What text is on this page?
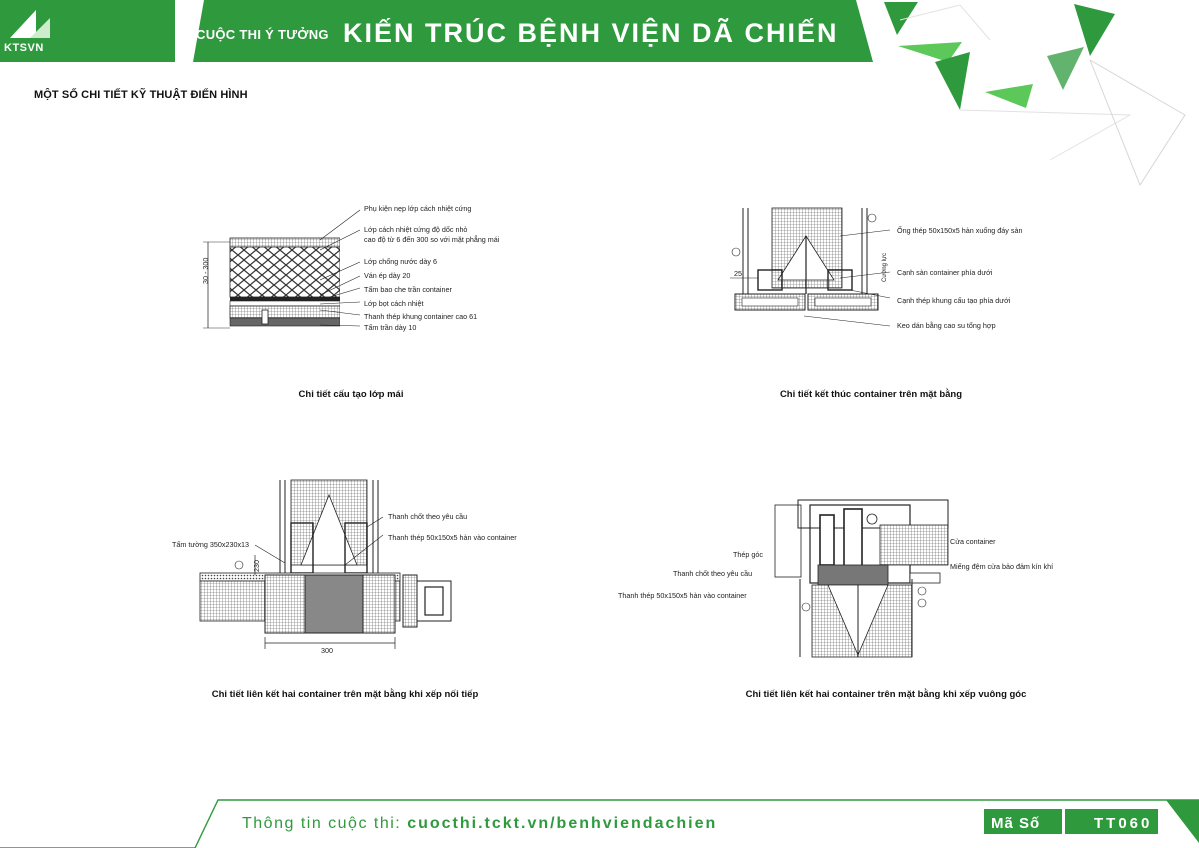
KTSVN
TẠP CHÍ
KIẾN TRÚC
www.tapchikientruc.com.vn
CUỘC THI Ý TƯỞNG KIẾN TRÚC BỆNH VIỆN DÃ CHIẾN
MỘT SỐ CHI TIẾT KỸ THUẬT ĐIỂN HÌNH
30 - 300
Phụ kiện nẹp lớp cách nhiệt cứng
Lớp cách nhiệt cứng độ dốc nhỏ
cao độ từ 6 đến 300 so với mặt phẳng mái
Lớp chống nước dày 6
Ván ép dày 20
Tấm bao che trần container
Lớp bọt cách nhiệt
Thanh thép khung container cao 61
Tấm trần dày 10
Chi tiết cấu tạo lớp mái
25	Cường lực
Ống thép 50x150x5 hàn xuống đáy sàn
Cạnh sàn container phía dưới
Cạnh thép khung cấu tạo phía dưới
Keo dán bằng cao su tổng hợp
Chi tiết kết thúc container trên mặt bằng
Thanh chốt theo yêu cầu
Tấm tường 350x230x13
Thanh thép 50x150x5 hàn vào container
230
300
Chi tiết liên kết hai container trên mặt bằng khi xếp nối tiếp
Cửa container
Thép góc
Miếng đệm cửa bảo đảm kín khí
Thanh chốt theo yêu cầu
Thanh thép 50x150x5 hàn vào container
Chi tiết liên kết hai container trên mặt bằng khi xếp vuông góc
Thông tin cuộc thi: cuocthi.tckt.vn/benhviendachien	Mã Số	TT060
